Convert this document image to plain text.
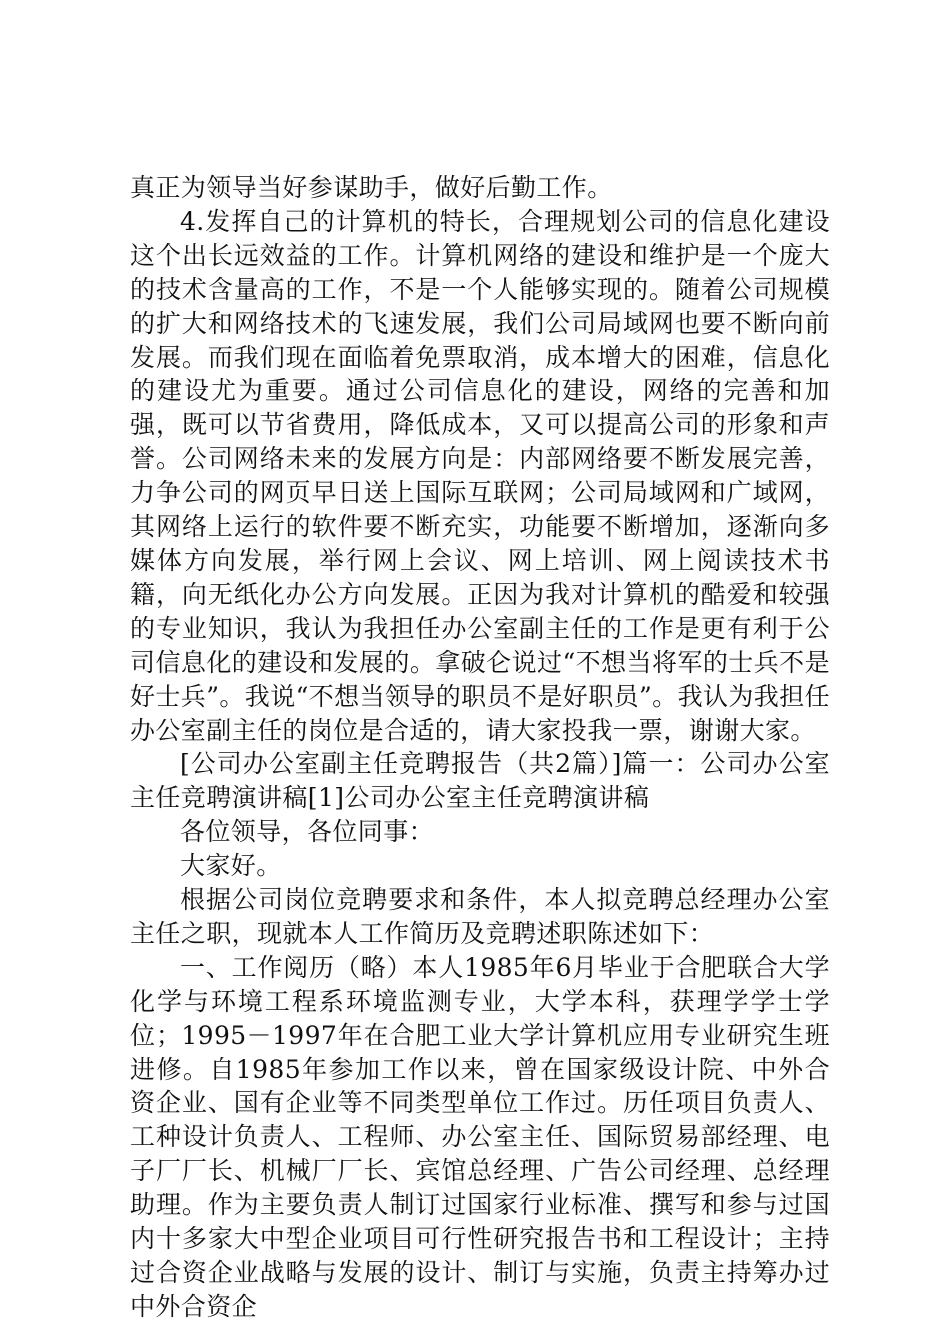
真正为领导当好参谋助手，做好后勤工作。

4.发挥自己的计算机的特长，合理规划公司的信息化建设这个出长远效益的工作。计算机网络的建设和维护是一个庞大的技术含量高的工作，不是一个人能够实现的。随着公司规模的扩大和网络技术的飞速发展，我们公司局域网也要不断向前发展。而我们现在面临着免票取消，成本增大的困难，信息化的建设尤为重要。通过公司信息化的建设，网络的完善和加强，既可以节省费用，降低成本，又可以提高公司的形象和声誉。公司网络未来的发展方向是：内部网络要不断发展完善，力争公司的网页早日送上国际互联网；公司局域网和广域网，其网络上运行的软件要不断充实，功能要不断增加，逐渐向多媒体方向发展，举行网上会议、网上培训、网上阅读技术书籍，向无纸化办公方向发展。正因为我对计算机的酷爱和较强的专业知识，我认为我担任办公室副主任的工作是更有利于公司信息化的建设和发展的。拿破仑说过“不想当将军的士兵不是好士兵”。我说“不想当领导的职员不是好职员”。我认为我担任办公室副主任的岗位是合适的，请大家投我一票，谢谢大家。

[公司办公室副主任竞聘报告（共2篇）]篇一：公司办公室主任竞聘演讲稿[1]公司办公室主任竞聘演讲稿

各位领导，各位同事：

大家好。

根据公司岗位竞聘要求和条件，本人拟竞聘总经理办公室主任之职，现就本人工作简历及竞聘述职陈述如下：

一、工作阅历（略）本人1985年6月毕业于合肥联合大学化学与环境工程系环境监测专业，大学本科，获理学学士学位；1995－1997年在合肥工业大学计算机应用专业研究生班进修。自1985年参加工作以来，曾在国家级设计院、中外合资企业、国有企业等不同类型单位工作过。历任项目负责人、工种设计负责人、工程师、办公室主任、国际贸易部经理、电子厂厂长、机械厂厂长、宾馆总经理、广告公司经理、总经理助理。作为主要负责人制订过国家行业标准、撰写和参与过国内十多家大中型企业项目可行性研究报告书和工程设计；主持过合资企业战略与发展的设计、制订与实施，负责主持筹办过中外合资企
